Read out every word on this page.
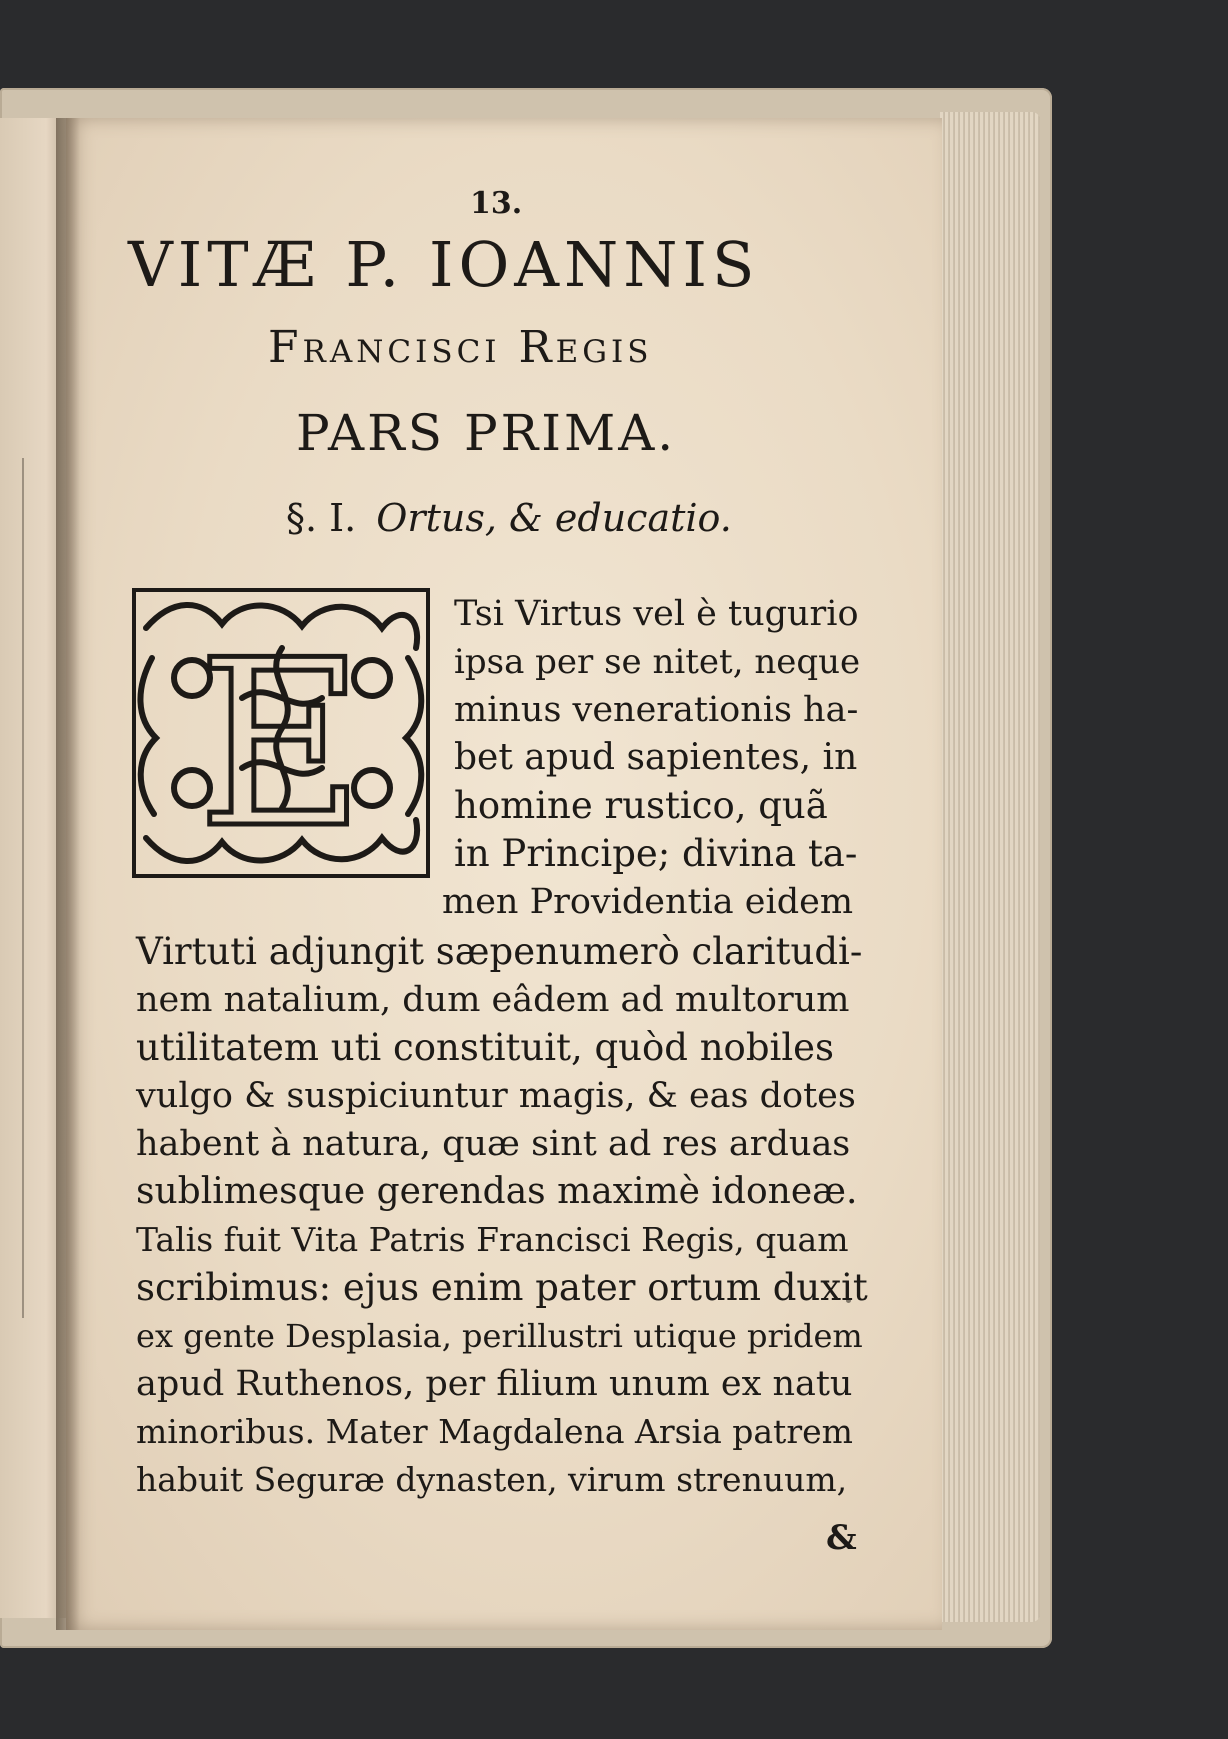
13.
VITÆ P. IOANNIS
Francisci Regis
PARS PRIMA.
§. I. Ortus, & educatio.
E	Tsi Virtus vel è tugurio
ipsa per se nitet, neque
minus venerationis ha-
bet apud sapientes, in
homine rustico, quã
in Principe; divina ta-
men Providentia eidem
Virtuti adjungit sæpenumerò claritudi-
nem natalium, dum eâdem ad multorum
utilitatem uti constituit, quòd nobiles
vulgo & suspiciuntur magis, & eas dotes
habent à natura, quæ sint ad res arduas
sublimesque gerendas maximè idoneæ.
Talis fuit Vita Patris Francisci Regis, quam
scribimus: ejus enim pater ortum duxit
ex gente Desplasia, perillustri utique pridem
apud Ruthenos, per filium unum ex natu
minoribus. Mater Magdalena Arsia patrem
habuit Seguræ dynasten, virum strenuum,
&
